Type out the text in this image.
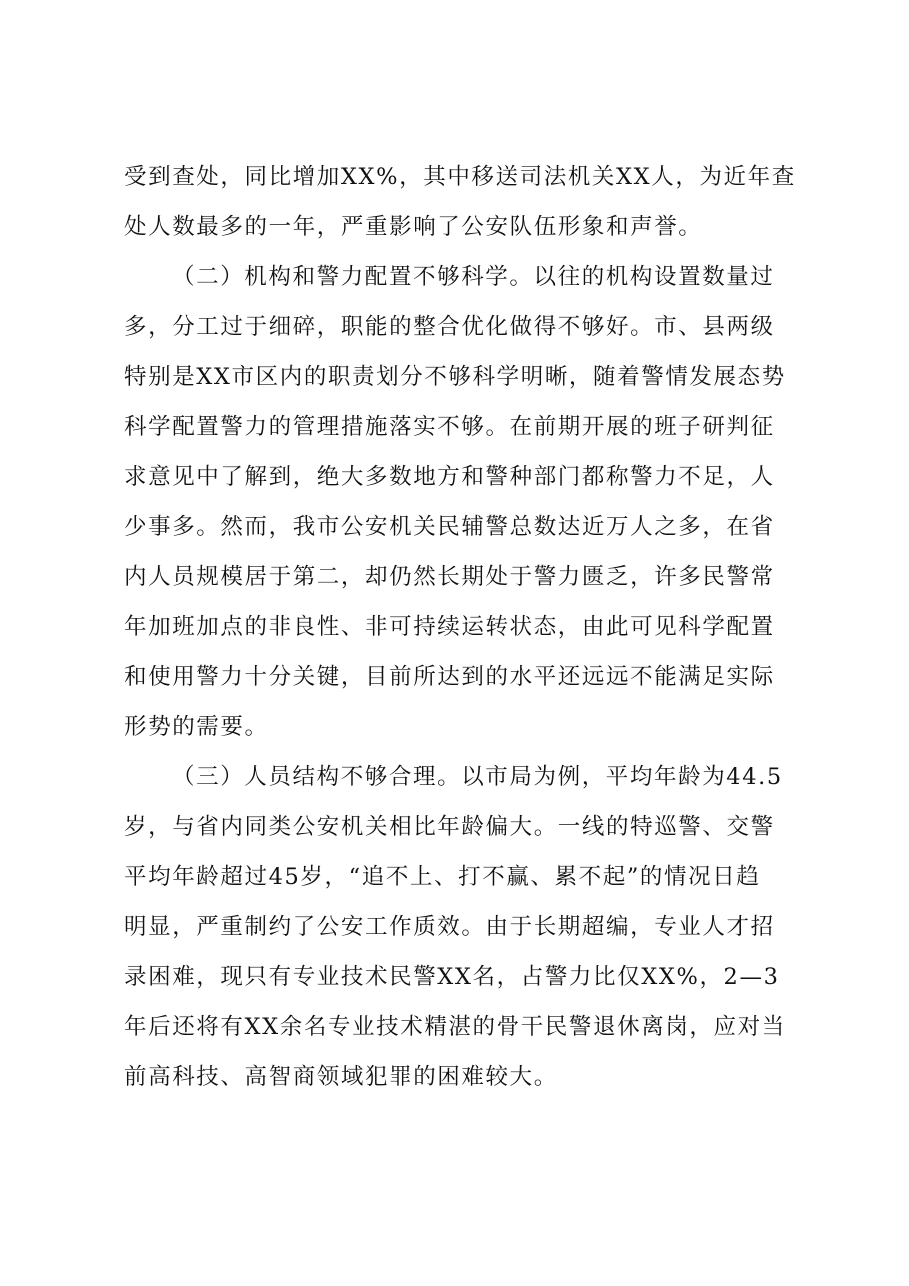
受到查处，同比增加XX%，其中移送司法机关XX人，为近年查
处人数最多的一年，严重影响了公安队伍形象和声誉。
（二）机构和警力配置不够科学。以往的机构设置数量过
多，分工过于细碎，职能的整合优化做得不够好。市、县两级
特别是XX市区内的职责划分不够科学明晰，随着警情发展态势
科学配置警力的管理措施落实不够。在前期开展的班子研判征
求意见中了解到，绝大多数地方和警种部门都称警力不足，人
少事多。然而，我市公安机关民辅警总数达近万人之多，在省
内人员规模居于第二，却仍然长期处于警力匮乏，许多民警常
年加班加点的非良性、非可持续运转状态，由此可见科学配置
和使用警力十分关键，目前所达到的水平还远远不能满足实际
形势的需要。
（三）人员结构不够合理。以市局为例，平均年龄为44.5
岁，与省内同类公安机关相比年龄偏大。一线的特巡警、交警
平均年龄超过45岁，“追不上、打不赢、累不起”的情况日趋
明显，严重制约了公安工作质效。由于长期超编，专业人才招
录困难，现只有专业技术民警XX名，占警力比仅XX%，2—3
年后还将有XX余名专业技术精湛的骨干民警退休离岗，应对当
前高科技、高智商领域犯罪的困难较大。
